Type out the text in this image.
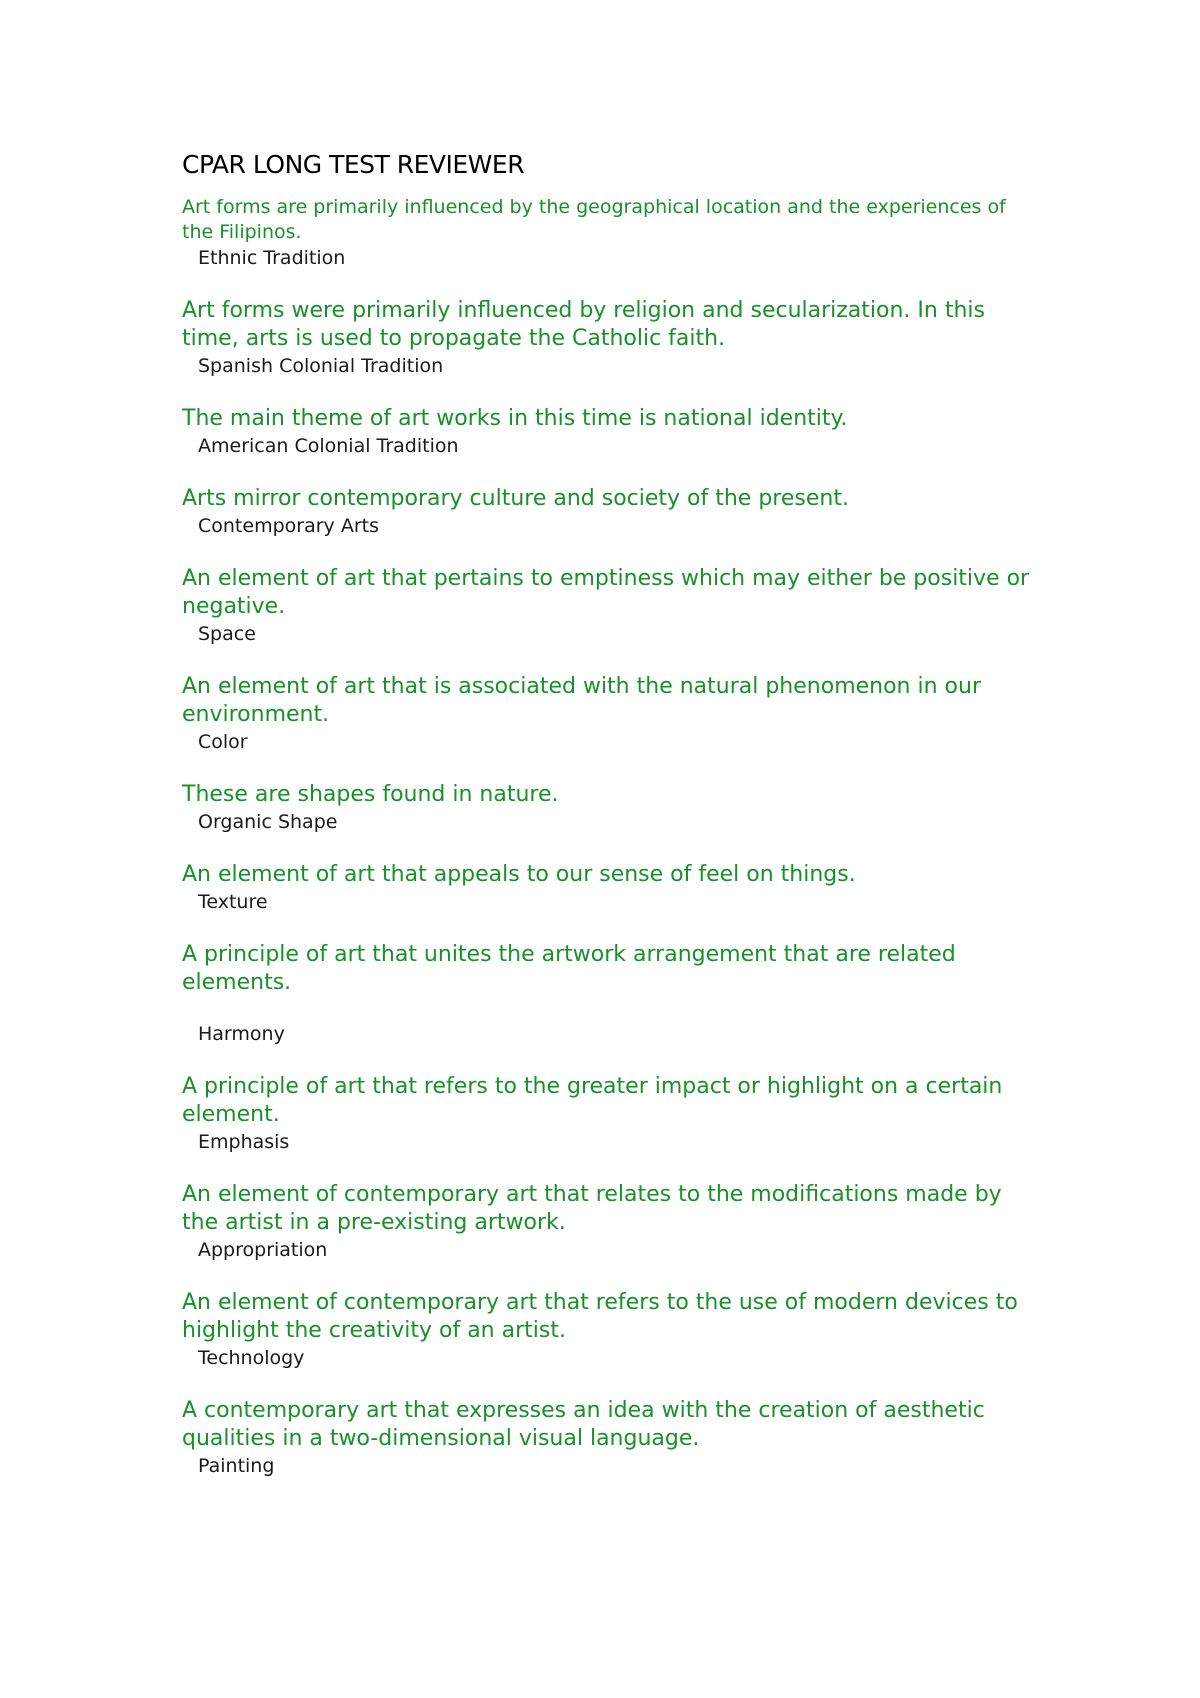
CPAR LONG TEST REVIEWER

Art forms are primarily influenced by the geographical location and the experiences of the Filipinos.

Ethnic Tradition

Art forms were primarily influenced by religion and secularization. In this time, arts is used to propagate the Catholic faith.

Spanish Colonial Tradition

The main theme of art works in this time is national identity.

American Colonial Tradition

Arts mirror contemporary culture and society of the present.

Contemporary Arts

An element of art that pertains to emptiness which may either be positive or negative.

Space

An element of art that is associated with the natural phenomenon in our environment.

Color

These are shapes found in nature.

Organic Shape

An element of art that appeals to our sense of feel on things.

Texture

A principle of art that unites the artwork arrangement that are related elements.

Harmony

A principle of art that refers to the greater impact or highlight on a certain element.

Emphasis

An element of contemporary art that relates to the modifications made by the artist in a pre-existing artwork.

Appropriation

An element of contemporary art that refers to the use of modern devices to highlight the creativity of an artist.

Technology

A contemporary art that expresses an idea with the creation of aesthetic qualities in a two-dimensional visual language.

Painting
